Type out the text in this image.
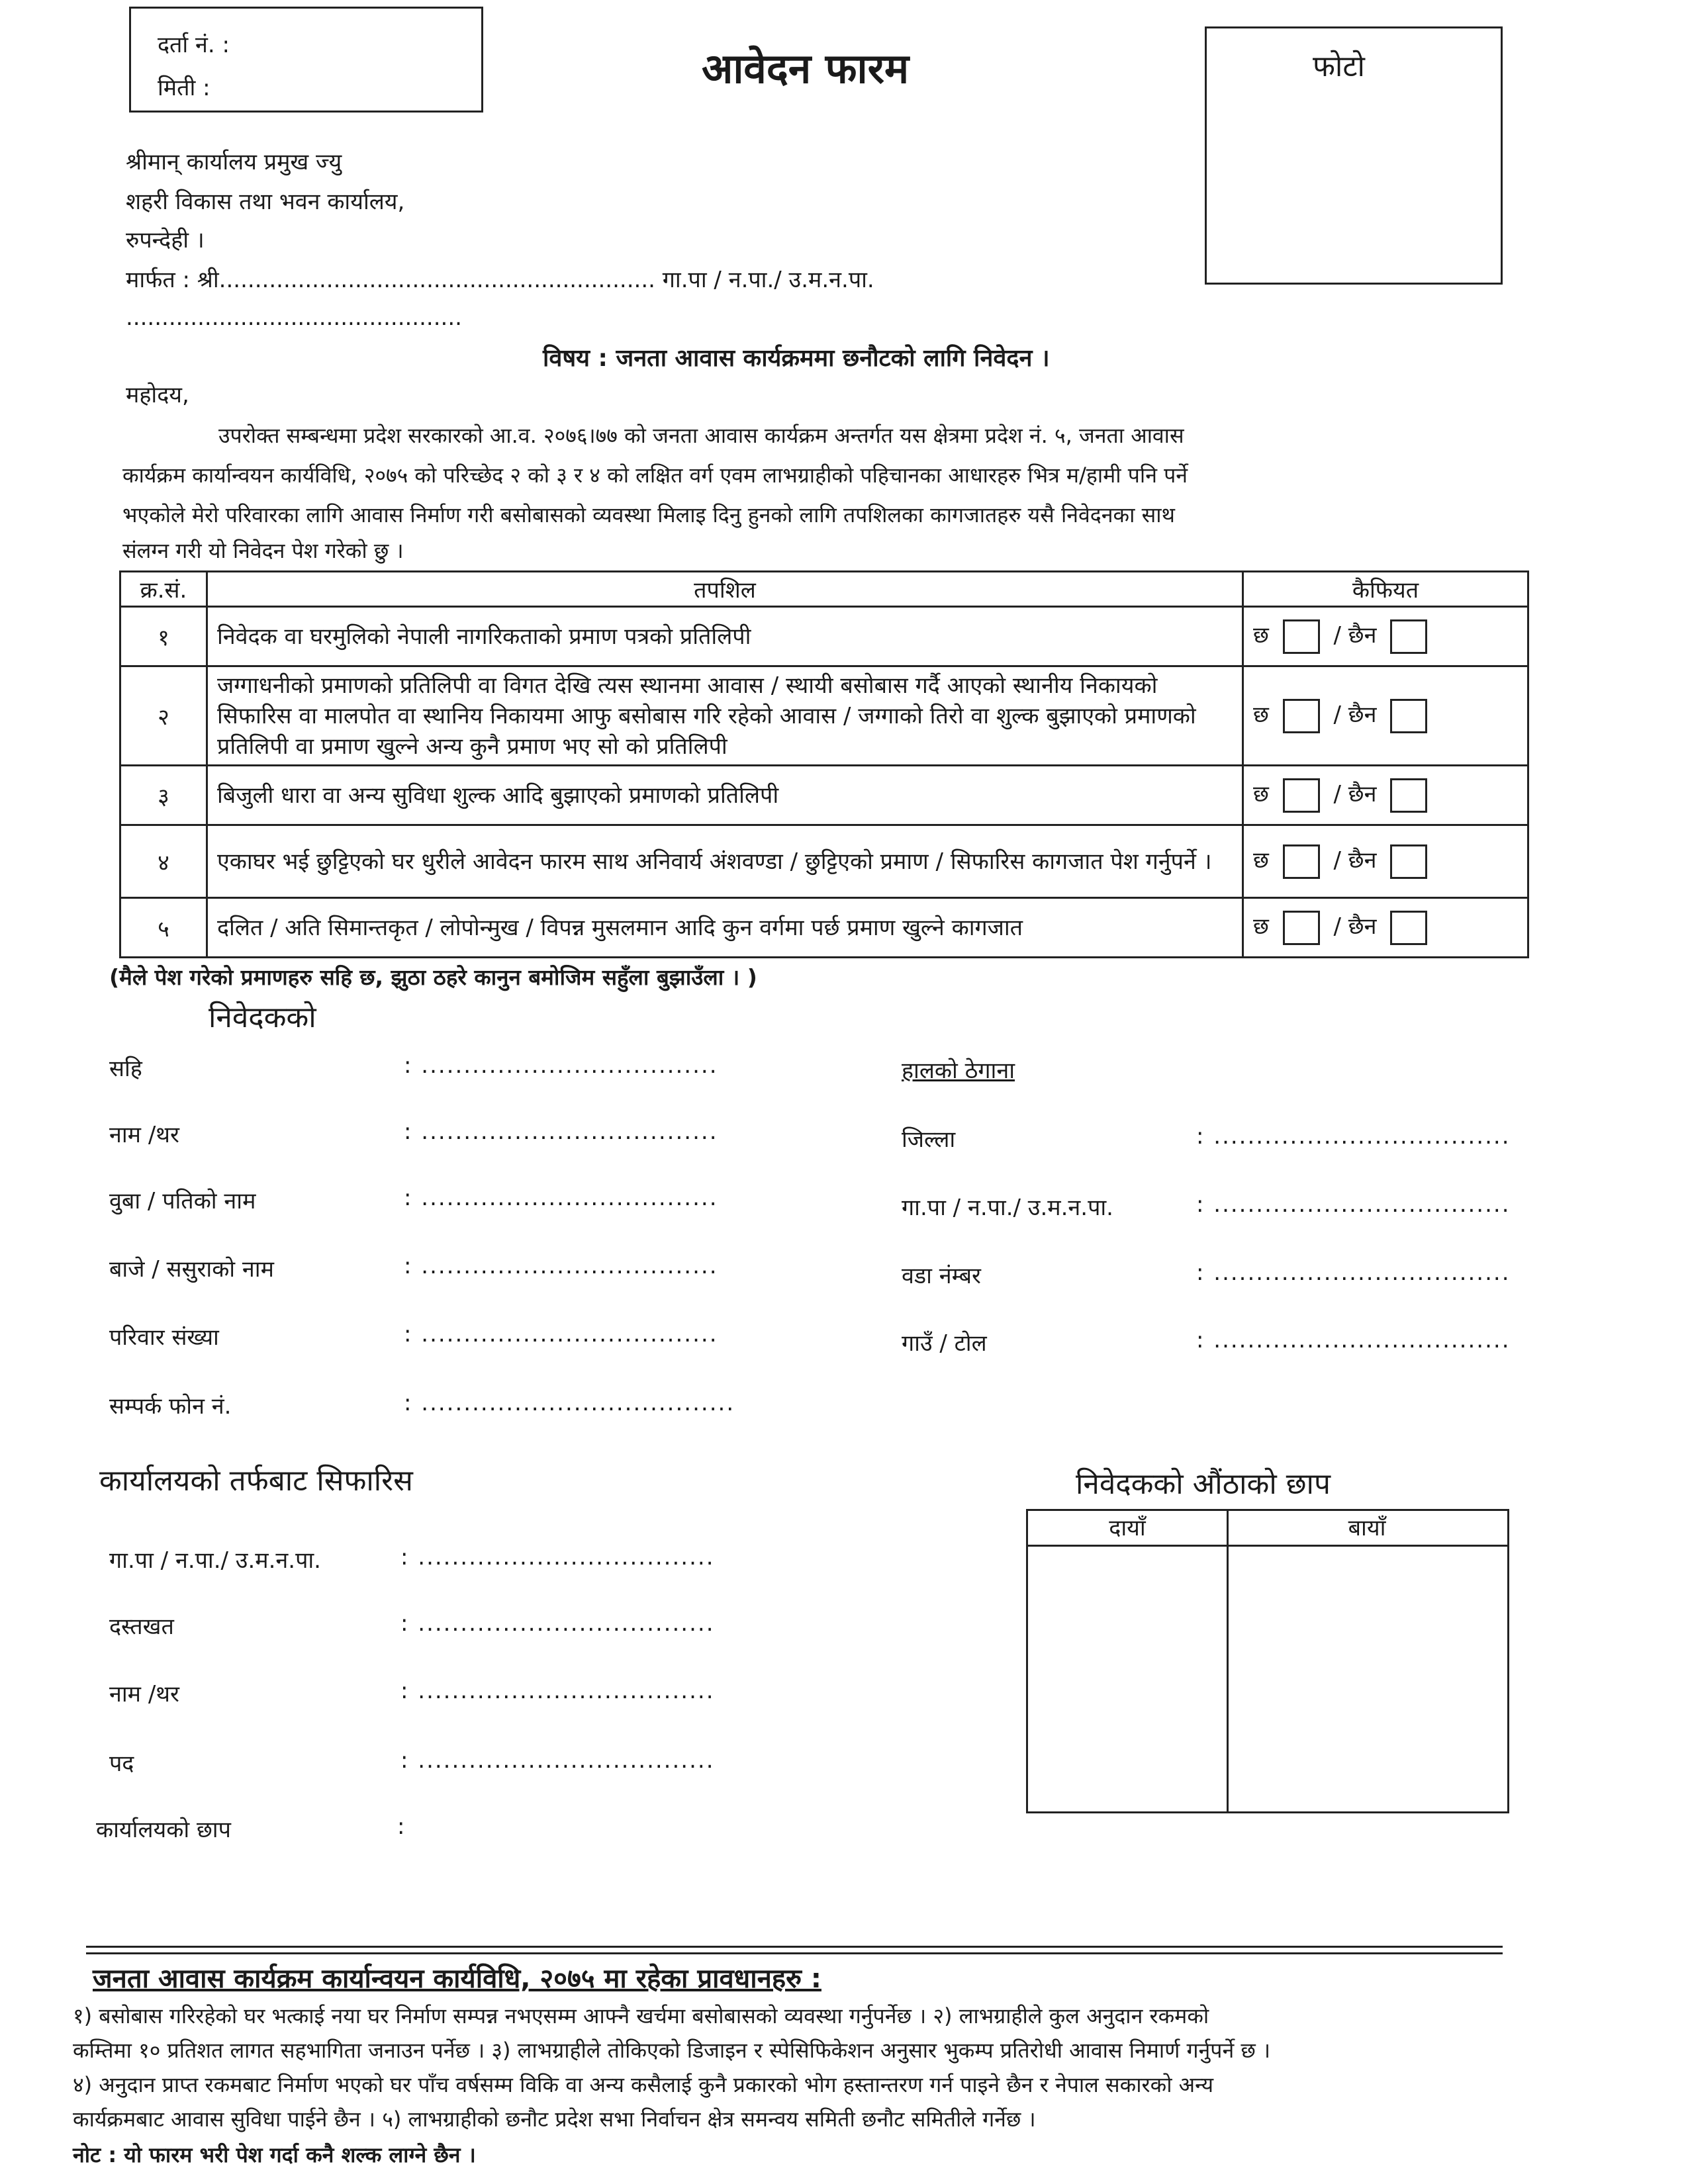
दर्ता नं. :
मिती :	आवेदन फारम	फोटो
श्रीमान् कार्यालय प्रमुख ज्यु
शहरी विकास तथा भवन कार्यालय,
रुपन्देही ।
मार्फत : श्री............................................................. गा.पा / न.पा./ उ.म.न.पा.
...............................................
विषय : जनता आवास कार्यक्रममा छनौटको लागि निवेदन ।
महोदय,
उपरोक्त सम्बन्धमा प्रदेश सरकारको आ.व. २०७६।७७ को जनता आवास कार्यक्रम अन्तर्गत यस क्षेत्रमा प्रदेश नं. ५, जनता आवास
कार्यक्रम कार्यान्वयन कार्यविधि, २०७५ को परिच्छेद २ को ३ र ४ को लक्षित वर्ग एवम लाभग्राहीको पहिचानका आधारहरु भित्र म/हामी पनि पर्ने
भएकोले मेरो परिवारका लागि आवास निर्माण गरी बसोबासको व्यवस्था मिलाइ दिनु हुनको लागि तपशिलका कागजातहरु यसै निवेदनका साथ
संलग्न गरी यो निवेदन पेश गरेको छु ।
क्र.सं.	तपशिल	कैफियत
१	निवेदक वा घरमुलिको नेपाली नागरिकताको प्रमाण पत्रको प्रतिलिपी	छ / छैन
२	जग्गाधनीको प्रमाणको प्रतिलिपी वा विगत देखि त्यस स्थानमा आवास / स्थायी बसोबास गर्दै आएको स्थानीय निकायको सिफारिस वा मालपोत वा स्थानिय निकायमा आफु बसोबास गरि रहेको आवास / जग्गाको तिरो वा शुल्क बुझाएको प्रमाणको प्रतिलिपी वा प्रमाण खुल्ने अन्य कुनै प्रमाण भए सो को प्रतिलिपी	छ / छैन
३	बिजुली धारा वा अन्य सुविधा शुल्क आदि बुझाएको प्रमाणको प्रतिलिपी	छ / छैन
४	एकाघर भई छुट्टिएको घर धुरीले आवेदन फारम साथ अनिवार्य अंशवण्डा / छुट्टिएको प्रमाण / सिफारिस कागजात पेश गर्नुपर्ने ।	छ / छैन
५	दलित / अति सिमान्तकृत / लोपोन्मुख / विपन्न मुसलमान आदि कुन वर्गमा पर्छ प्रमाण खुल्ने कागजात	छ / छैन
(मैले पेश गरेको प्रमाणहरु सहि छ, झुठा ठहरे कानुन बमोजिम सहुँला बुझाउँला । )
निवेदकको
सहि	: ...................................
नाम /थर	: ...................................
वुबा / पतिको नाम	: ...................................
बाजे / ससुराको नाम	: ...................................
परिवार संख्या	: ...................................
सम्पर्क फोन नं.	: .....................................
हालको ठेगाना
जिल्ला	: ...................................
गा.पा / न.पा./ उ.म.न.पा.	: ...................................
वडा नंम्बर	: ...................................
गाउँ / टोल	: ...................................
कार्यालयको तर्फबाट सिफारिस
गा.पा / न.पा./ उ.म.न.पा.	: ...................................
दस्तखत	: ...................................
नाम /थर	: ...................................
पद	: ...................................
कार्यालयको छाप	:
निवेदकको औंठाको छाप
दायाँ	बायाँ
जनता आवास कार्यक्रम कार्यान्वयन कार्यविधि, २०७५ मा रहेका प्रावधानहरु :
१) बसोबास गरिरहेको घर भत्काई नया घर निर्माण सम्पन्न नभएसम्म आफ्नै खर्चमा बसोबासको व्यवस्था गर्नुपर्नेछ । २) लाभग्राहीले कुल अनुदान रकमको
कम्तिमा १० प्रतिशत लागत सहभागिता जनाउन पर्नेछ । ३) लाभग्राहीले तोकिएको डिजाइन र स्पेसिफिकेशन अनुसार भुकम्प प्रतिरोधी आवास निमार्ण गर्नुपर्ने छ ।
४) अनुदान प्राप्त रकमबाट निर्माण भएको घर पाँच वर्षसम्म विकि वा अन्य कसैलाई कुनै प्रकारको भोग हस्तान्तरण गर्न पाइने छैन र नेपाल सकारको अन्य
कार्यक्रमबाट आवास सुविधा पाईने छैन । ५) लाभग्राहीको छनौट प्रदेश सभा निर्वाचन क्षेत्र समन्वय समिती छनौट समितीले गर्नेछ ।
नोट : यो फारम भरी पेश गर्दा कनै शल्क लाग्ने छैन ।
